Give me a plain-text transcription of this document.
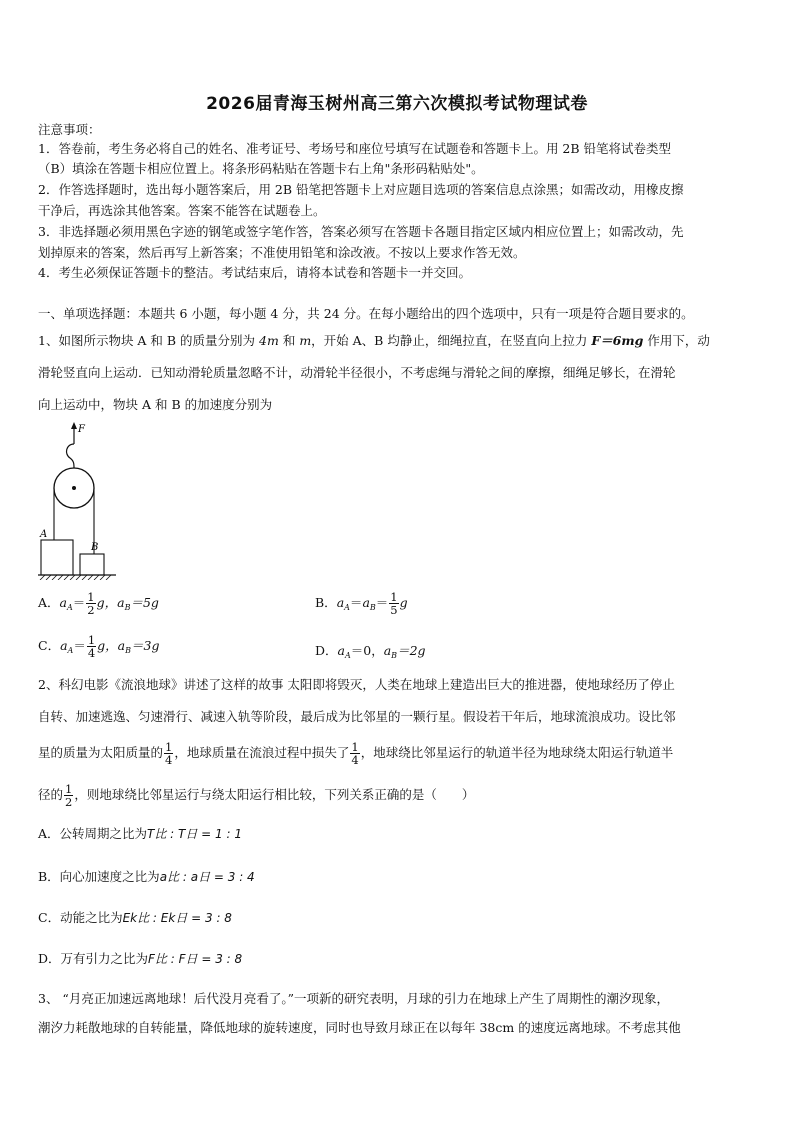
2026届青海玉树州高三第六次模拟考试物理试卷
注意事项：
1．答卷前，考生务必将自己的姓名、准考证号、考场号和座位号填写在试题卷和答题卡上。用 2B 铅笔将试卷类型
（B）填涂在答题卡相应位置上。将条形码粘贴在答题卡右上角"条形码粘贴处"。
2．作答选择题时，选出每小题答案后，用 2B 铅笔把答题卡上对应题目选项的答案信息点涂黑；如需改动，用橡皮擦
干净后，再选涂其他答案。答案不能答在试题卷上。
3．非选择题必须用黑色字迹的钢笔或签字笔作答，答案必须写在答题卡各题目指定区域内相应位置上；如需改动，先
划掉原来的答案，然后再写上新答案；不准使用铅笔和涂改液。不按以上要求作答无效。
4．考生必须保证答题卡的整洁。考试结束后，请将本试卷和答题卡一并交回。
一、单项选择题：本题共 6 小题，每小题 4 分，共 24 分。在每小题给出的四个选项中，只有一项是符合题目要求的。
1、如图所示物块 A 和 B 的质量分别为 4m 和 m，开始 A、B 均静止，细绳拉直，在竖直向上拉力 F＝6mg 作用下，动
滑轮竖直向上运动．已知动滑轮质量忽略不计，动滑轮半径很小，不考虑绳与滑轮之间的摩擦，细绳足够长，在滑轮
向上运动中，物块 A 和 B 的加速度分别为
F
A
B
A．$a_A= \frac{1}{2}$ g，$a_B=5g$	B．$a_A=a_B= \frac{1}{5}$ g
C．$a_A= \frac{1}{4}$ g，$a_B=3g$	D．$a_A=0$，$a_B=2g$
2、科幻电影《流浪地球》讲述了这样的故事 太阳即将毁灭，人类在地球上建造出巨大的推进器，使地球经历了停止
自转、加速逃逸、匀速滑行、减速入轨等阶段，最后成为比邻星的一颗行星。假设若干年后，地球流浪成功。设比邻
星的质量为太阳质量的 $\frac{1}{4}$ ，地球质量在流浪过程中损失了 $\frac{1}{4}$ ，地球绕比邻星运行的轨道半径为地球绕太阳运行轨道半
径的 $\frac{1}{2}$ ，则地球绕比邻星运行与绕太阳运行相比较，下列关系正确的是（　　）
A．公转周期之比为T比 : T日 = 1 : 1
B．向心加速度之比为a比 : a日 = 3 : 4
C．动能之比为Ek比 : Ek日 = 3 : 8
D．万有引力之比为F比 : F日 = 3 : 8
3、 “月亮正加速远离地球！后代没月亮看了。”一项新的研究表明，月球的引力在地球上产生了周期性的潮汐现象，
潮汐力耗散地球的自转能量，降低地球的旋转速度，同时也导致月球正在以每年 38cm 的速度远离地球。不考虑其他
